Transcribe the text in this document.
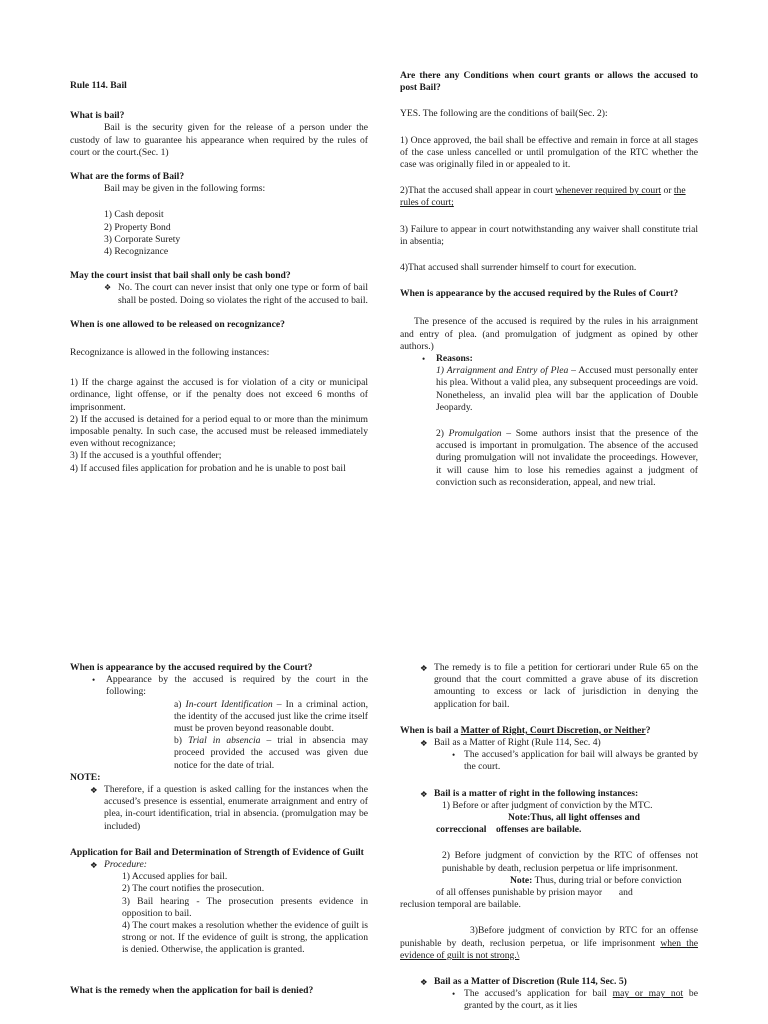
Rule 114. Bail
What is bail?

Bail is the security given for the release of a person under the custody of law to guarantee his appearance when required by the rules of court or the court.(Sec. 1)

What are the forms of Bail?

Bail may be given in the following forms:

1) Cash deposit

2) Property Bond

3) Corporate Surety

4) Recognizance

May the court insist that bail shall only be cash bond?
❖ No. The court can never insist that only one type or form of bail shall be posted. Doing so violates the right of the accused to bail.
When is one allowed to be released on recognizance?

Recognizance is allowed in the following instances:

1) If the charge against the accused is for violation of a city or municipal ordinance, light offense, or if the penalty does not exceed 6 months of imprisonment.

2) If the accused is detained for a period equal to or more than the minimum imposable penalty. In such case, the accused must be released immediately even without recognizance;

3) If the accused is a youthful offender;

4) If accused files application for probation and he is unable to post bail

Are there any Conditions when court grants or allows the accused to post Bail?

YES. The following are the conditions of bail(Sec. 2):

1) Once approved, the bail shall be effective and remain in force at all stages of the case unless cancelled or until promulgation of the RTC whether the case was originally filed in or appealed to it.

2)That the accused shall appear in court whenever required by court or the rules of court;

3) Failure to appear in court notwithstanding any waiver shall constitute trial in absentia;

4)That accused shall surrender himself to court for execution.

When is appearance by the accused required by the Rules of Court?

The presence of the accused is required by the rules in his arraignment and entry of plea. (and promulgation of judgment as opined by other authors.)

• Reasons:

1) Arraignment and Entry of Plea – Accused must personally enter his plea. Without a valid plea, any subsequent proceedings are void. Nonetheless, an invalid plea will bar the application of Double Jeopardy.

2) Promulgation – Some authors insist that the presence of the accused is important in promulgation. The absence of the accused during promulgation will not invalidate the proceedings. However, it will cause him to lose his remedies against a judgment of conviction such as reconsideration, appeal, and new trial.

When is appearance by the accused required by the Court?
• Appearance by the accused is required by the court in the following:

a) In-court Identification – In a criminal action, the identity of the accused just like the crime itself must be proven beyond reasonable doubt.

b) Trial in absencia – trial in absencia may proceed provided the accused was given due notice for the date of trial.

NOTE:

❖ Therefore, if a question is asked calling for the instances when the accused’s presence is essential, enumerate arraignment and entry of plea, in-court identification, trial in absencia. (promulgation may be included)
Application for Bail and Determination of Strength of Evidence of Guilt
❖ Procedure:

1) Accused applies for bail.

2) The court notifies the prosecution.

3) Bail hearing - The prosecution presents evidence in opposition to bail.

4) The court makes a resolution whether the evidence of guilt is strong or not. If the evidence of guilt is strong, the application is denied. Otherwise, the application is granted.

What is the remedy when the application for bail is denied?
❖ The remedy is to file a petition for certiorari under Rule 65 on the ground that the court committed a grave abuse of its discretion amounting to excess or lack of jurisdiction in denying the application for bail.
When is bail a Matter of Right, Court Discretion, or Neither?
❖ Bail as a Matter of Right (Rule 114, Sec. 4)
• The accused’s application for bail will always be granted by the court.
❖ Bail is a matter of right in the following instances:

1) Before or after judgment of conviction by the MTC.

Note:Thus, all light offenses and

correccional offenses are bailable.

2) Before judgment of conviction by the RTC of offenses not punishable by death, reclusion perpetua or life imprisonment.

Note: Thus, during trial or before conviction

of all offenses punishable by prision mayor and

reclusion temporal are bailable.

3)Before judgment of conviction by RTC for an offense punishable by death, reclusion perpetua, or life imprisonment when the evidence of guilt is not strong.\

❖ Bail as a Matter of Discretion (Rule 114, Sec. 5)
• The accused’s application for bail may or may not be granted by the court, as it lies
